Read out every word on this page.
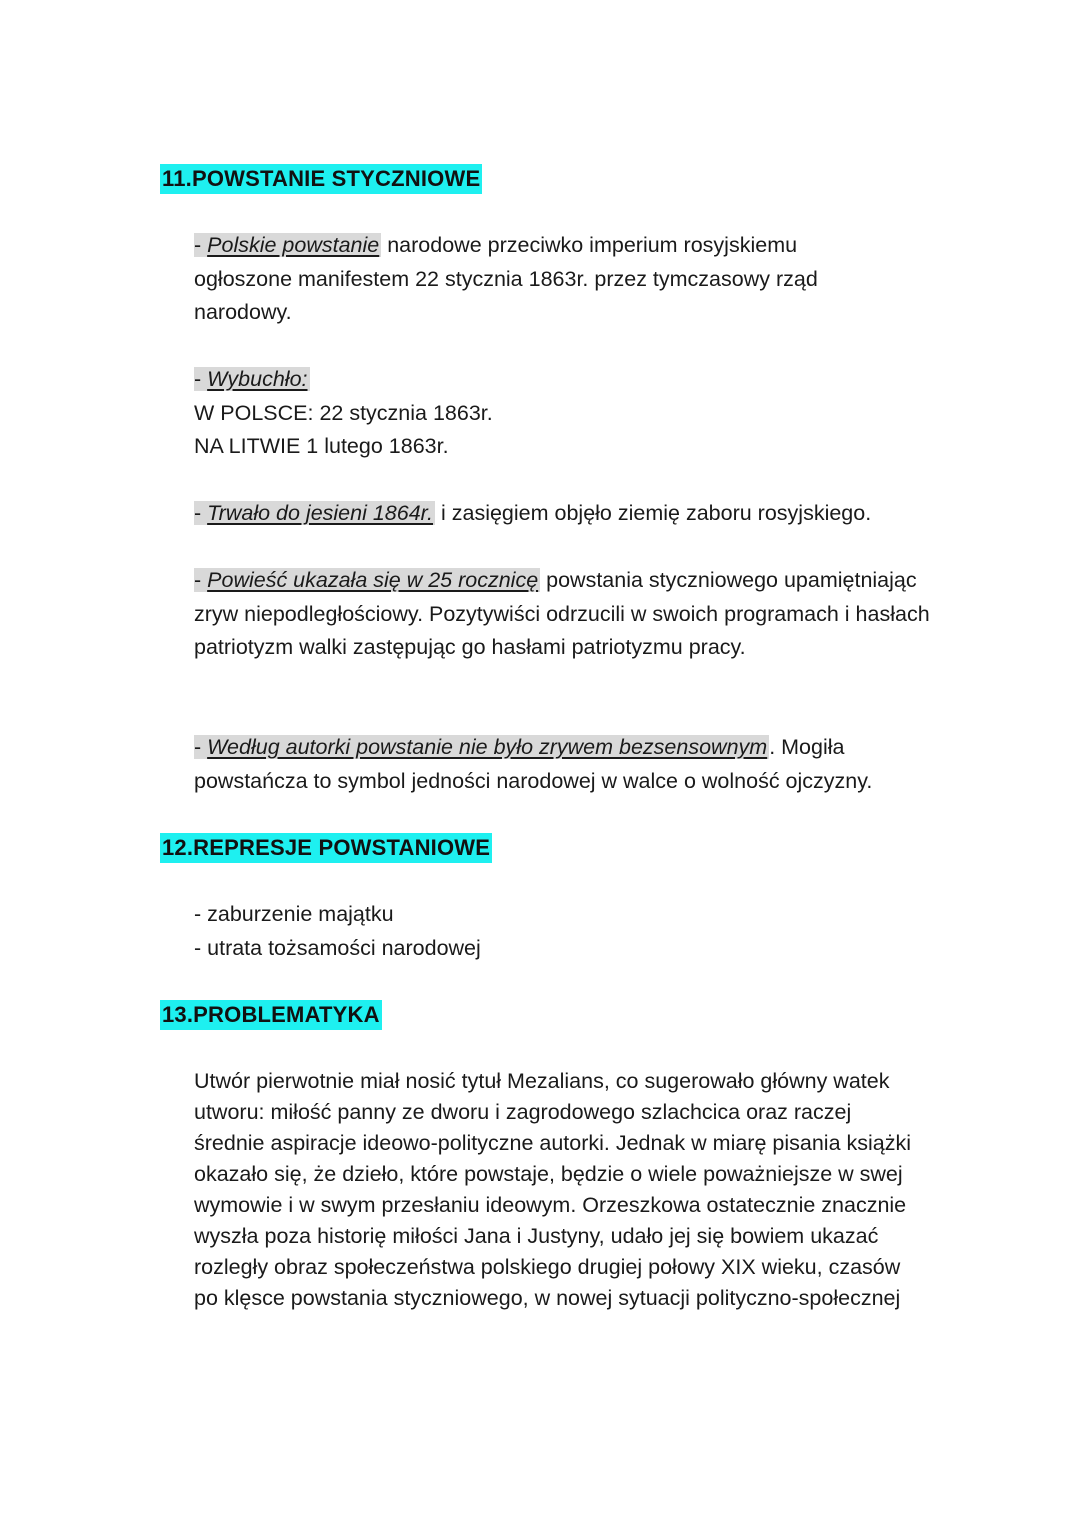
11.POWSTANIE STYCZNIOWE
- Polskie powstanie narodowe przeciwko imperium rosyjskiemu ogłoszone manifestem 22 stycznia 1863r. przez tymczasowy rząd narodowy.
- Wybuchło:
W POLSCE: 22 stycznia 1863r.
NA LITWIE 1 lutego 1863r.
- Trwało do jesieni 1864r. i zasięgiem objęło ziemię zaboru rosyjskiego.
- Powieść ukazała się w 25 rocznicę powstania styczniowego upamiętniając zryw niepodległościowy. Pozytywiści odrzucili w swoich programach i hasłach patriotyzm walki zastępując go hasłami patriotyzmu pracy.
- Według autorki powstanie nie było zrywem bezsensownym. Mogiła powstańcza to symbol jedności narodowej w walce o wolność ojczyzny.
12.REPRESJE POWSTANIOWE
- zaburzenie majątku
- utrata tożsamości narodowej
13.PROBLEMATYKA
Utwór pierwotnie miał nosić tytuł Mezalians, co sugerowało główny watek utworu: miłość panny ze dworu i zagrodowego szlachcica oraz raczej średnie aspiracje ideowo-polityczne autorki. Jednak w miarę pisania książki okazało się, że dzieło, które powstaje, będzie o wiele poważniejsze w swej wymowie i w swym przesłaniu ideowym. Orzeszkowa ostatecznie znacznie wyszła poza historię miłości Jana i Justyny, udało jej się bowiem ukazać rozległy obraz społeczeństwa polskiego drugiej połowy XIX wieku, czasów po klęsce powstania styczniowego, w nowej sytuacji polityczno-społecznej
